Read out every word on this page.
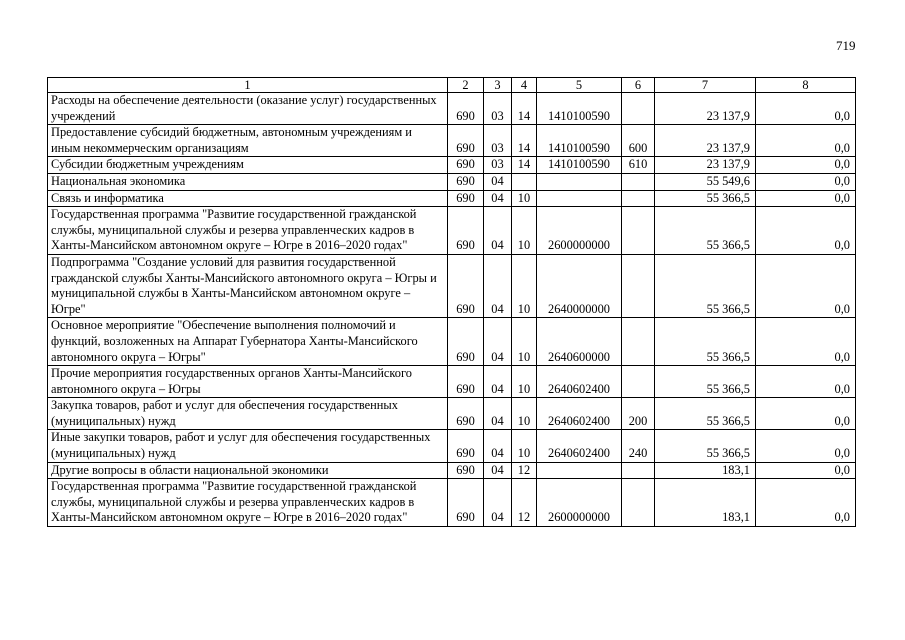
719
1	2	3	4	5	6	7	8
Расходы на обеспечение деятельности (оказание услуг) государственных учреждений	690	03	14	1410100590		23 137,9	0,0
Предоставление субсидий бюджетным, автономным учреждениям и иным некоммерческим организациям	690	03	14	1410100590	600	23 137,9	0,0
Субсидии бюджетным учреждениям	690	03	14	1410100590	610	23 137,9	0,0
Национальная экономика	690	04				55 549,6	0,0
Связь и информатика	690	04	10			55 366,5	0,0
Государственная программа "Развитие государственной гражданской службы, муниципальной службы и резерва управленческих кадров в Ханты-Мансийском автономном округе – Югре в 2016–2020 годах"	690	04	10	2600000000		55 366,5	0,0
Подпрограмма "Создание условий для развития государственной гражданской службы Ханты-Мансийского автономного округа – Югры и муниципальной службы в Ханты-Мансийском автономном округе – Югре"	690	04	10	2640000000		55 366,5	0,0
Основное мероприятие "Обеспечение выполнения полномочий и функций, возложенных на Аппарат Губернатора Ханты-Мансийского автономного округа – Югры"	690	04	10	2640600000		55 366,5	0,0
Прочие мероприятия государственных органов Ханты-Мансийского автономного округа – Югры	690	04	10	2640602400		55 366,5	0,0
Закупка товаров, работ и услуг для обеспечения государственных (муниципальных) нужд	690	04	10	2640602400	200	55 366,5	0,0
Иные закупки товаров, работ и услуг для обеспечения государственных (муниципальных) нужд	690	04	10	2640602400	240	55 366,5	0,0
Другие вопросы в области национальной экономики	690	04	12			183,1	0,0
Государственная программа "Развитие государственной гражданской службы, муниципальной службы и резерва управленческих кадров в Ханты-Мансийском автономном округе – Югре в 2016–2020 годах"	690	04	12	2600000000		183,1	0,0
